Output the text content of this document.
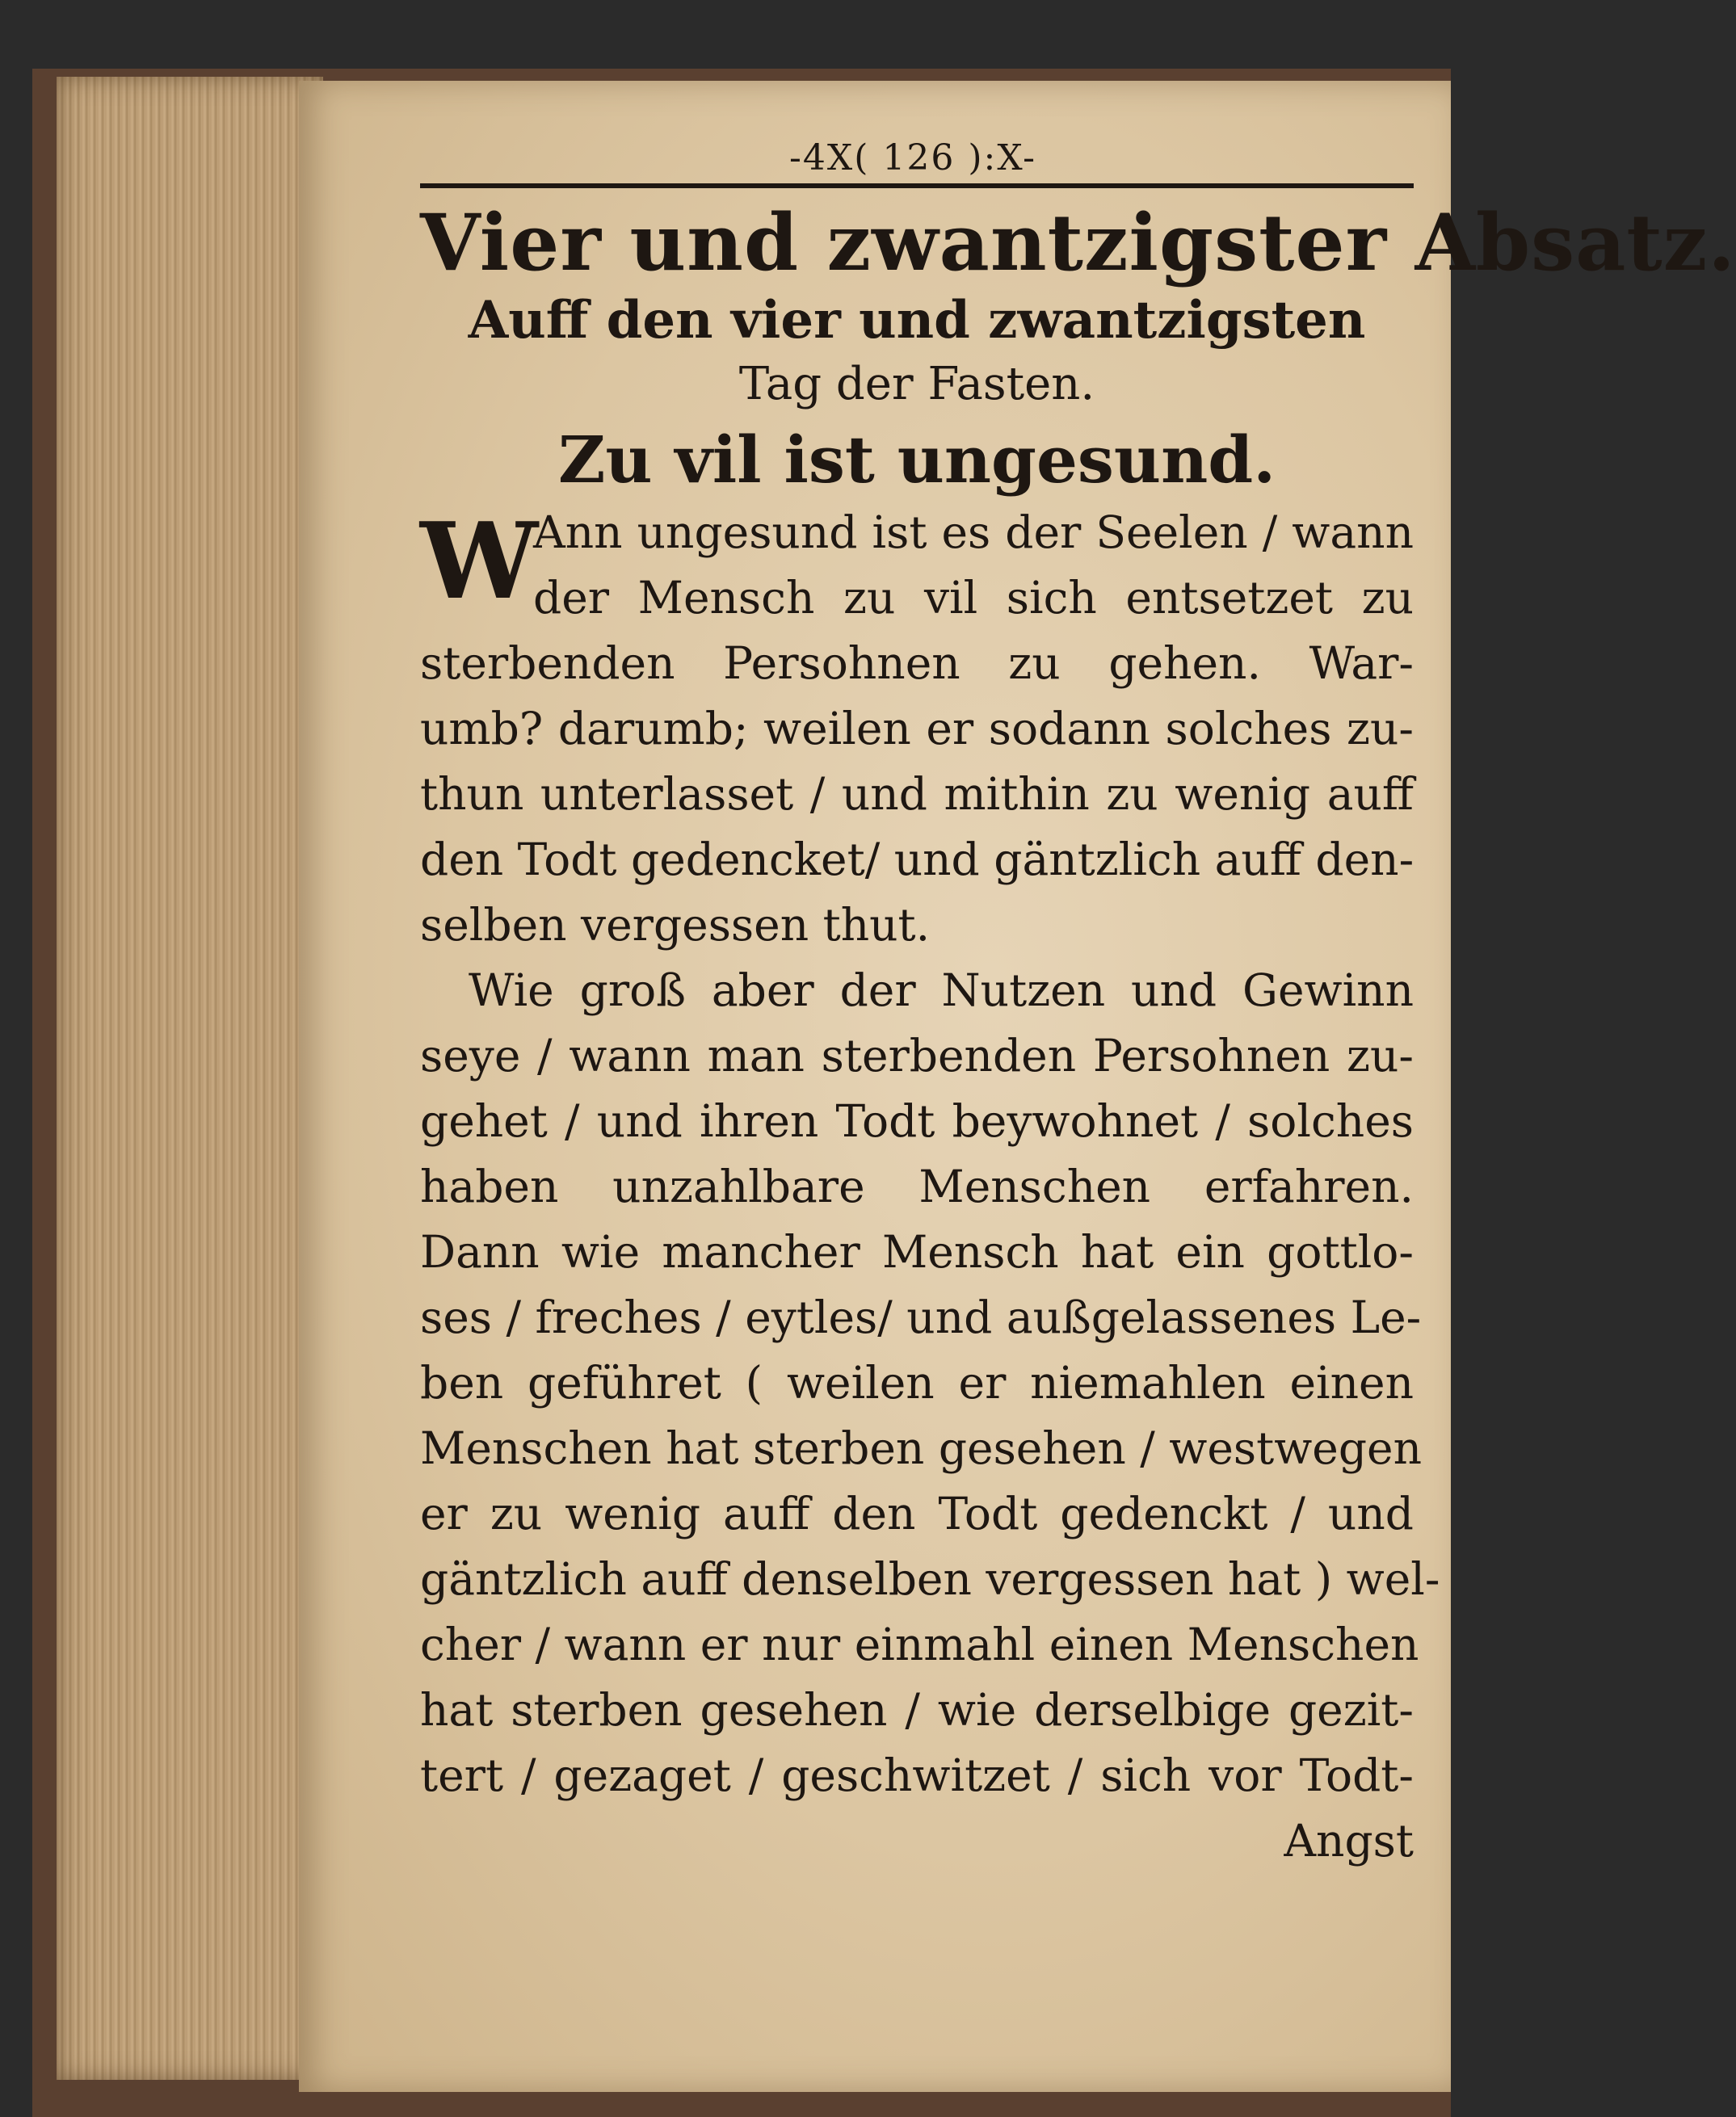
-4X( 126 ):X-
Vier und zwantzigster Absatz.
Auff den vier und zwantzigsten
Tag der Fasten.
Zu vil ist ungesund.
W
Ann ungesund ist es der Seelen / wann
der Mensch zu vil sich entsetzet zu
sterbenden Persohnen zu gehen. War-
umb? darumb; weilen er sodann solches zu-
thun unterlasset / und mithin zu wenig auff
den Todt gedencket/ und gäntzlich auff den-
selben vergessen thut.
Wie groß aber der Nutzen und Gewinn
seye / wann man sterbenden Persohnen zu-
gehet / und ihren Todt beywohnet / solches
haben unzahlbare Menschen erfahren.
Dann wie mancher Mensch hat ein gottlo-
ses / freches / eytles/ und außgelassenes Le-
ben geführet ( weilen er niemahlen einen
Menschen hat sterben gesehen / westwegen
er zu wenig auff den Todt gedenckt / und
gäntzlich auff denselben vergessen hat ) wel-
cher / wann er nur einmahl einen Menschen
hat sterben gesehen / wie derselbige gezit-
tert / gezaget / geschwitzet / sich vor Todt-
Angst
